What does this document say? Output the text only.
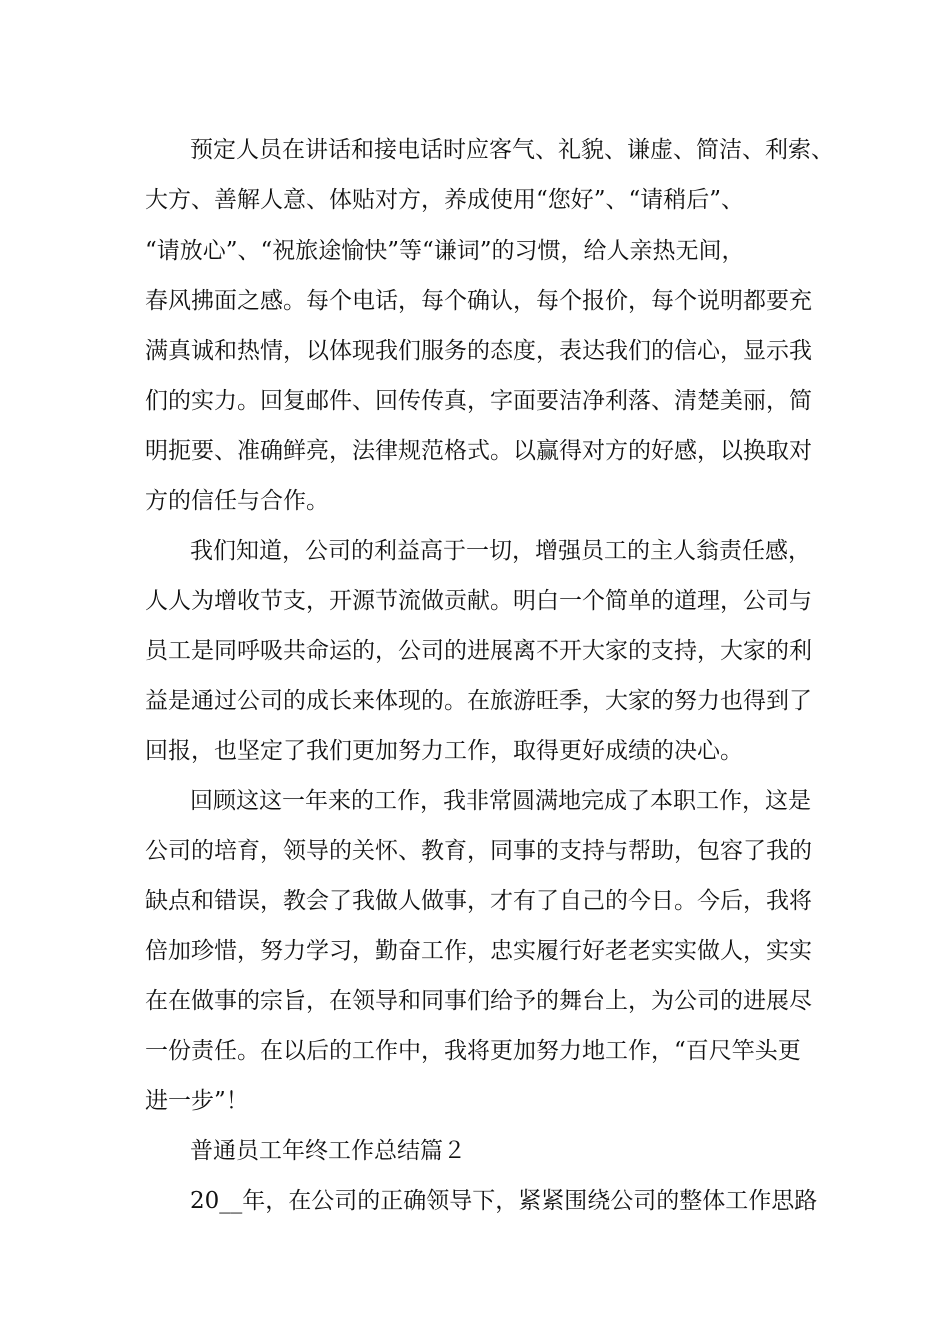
预定人员在讲话和接电话时应客气、礼貌、谦虚、简洁、利索、
大方、善解人意、体贴对方，养成使用“您好”、“请稍后”、
“请放心”、“祝旅途愉快”等“谦词”的习惯，给人亲热无间，
春风拂面之感。每个电话，每个确认，每个报价，每个说明都要充
满真诚和热情，以体现我们服务的态度，表达我们的信心，显示我
们的实力。回复邮件、回传传真，字面要洁净利落、清楚美丽，简
明扼要、准确鲜亮，法律规范格式。以赢得对方的好感，以换取对
方的信任与合作。
我们知道，公司的利益高于一切，增强员工的主人翁责任感，
人人为增收节支，开源节流做贡献。明白一个简单的道理，公司与
员工是同呼吸共命运的，公司的进展离不开大家的支持，大家的利
益是通过公司的成长来体现的。在旅游旺季，大家的努力也得到了
回报，也坚定了我们更加努力工作，取得更好成绩的决心。
回顾这这一年来的工作，我非常圆满地完成了本职工作，这是
公司的培育，领导的关怀、教育，同事的支持与帮助，包容了我的
缺点和错误，教会了我做人做事，才有了自己的今日。今后，我将
倍加珍惜，努力学习，勤奋工作，忠实履行好老老实实做人，实实
在在做事的宗旨，在领导和同事们给予的舞台上，为公司的进展尽
一份责任。在以后的工作中，我将更加努力地工作，“百尺竿头更
进一步”！
普通员工年终工作总结篇２
20__年，在公司的正确领导下，紧紧围绕公司的整体工作思路
